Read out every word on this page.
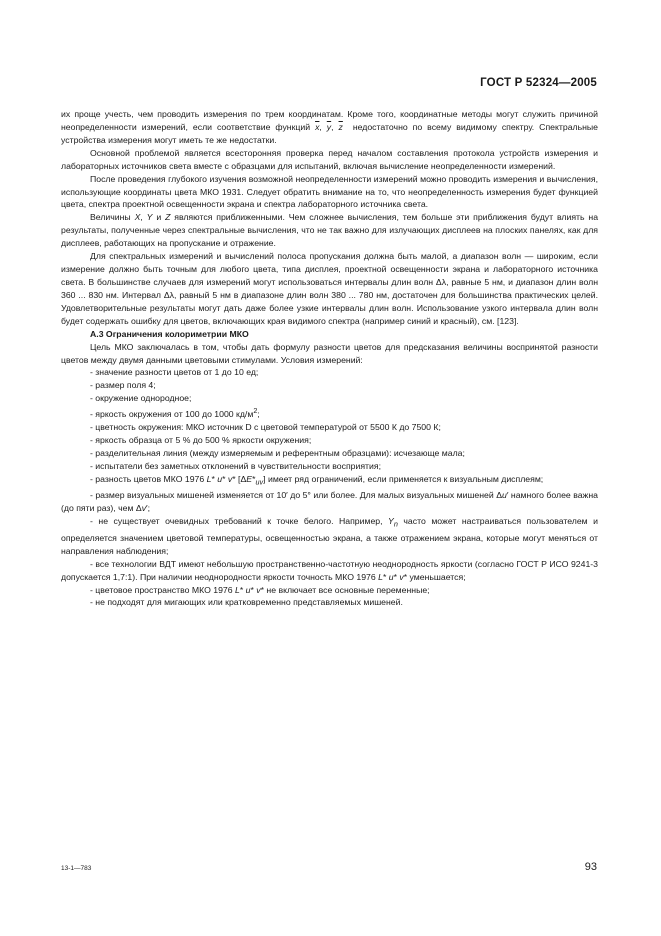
ГОСТ Р 52324—2005

их проще учесть, чем проводить измерения по трем координатам. Кроме того, координатные методы могут служить причиной неопределенности измерений, если соответствие функций $\overline{x}$, $\overline{y}$, $\overline{z}$  недостаточно по всему видимому спектру. Спектральные устройства измерения могут иметь те же недостатки.

Основной проблемой является всесторонняя проверка перед началом составления протокола устройств измерения и лабораторных источников света вместе с образцами для испытаний, включая вычисление неопределенности измерений.

После проведения глубокого изучения возможной неопределенности измерений можно проводить измерения и вычисления, использующие координаты цвета МКО 1931. Следует обратить внимание на то, что неопределенность измерения будет функцией цвета, спектра проектной освещенности экрана и спектра лабораторного источника света.

Величины X, Y и Z являются приближенными. Чем сложнее вычисления, тем больше эти приближения будут влиять на результаты, полученные через спектральные вычисления, что не так важно для излучающих дисплеев на плоских панелях, как для дисплеев, работающих на пропускание и отражение.

Для спектральных измерений и вычислений полоса пропускания должна быть малой, а диапазон волн — широким, если измерение должно быть точным для любого цвета, типа дисплея, проектной освещенности экрана и лабораторного источника света. В большинстве случаев для измерений могут использоваться интервалы длин волн Δλ, равные 5 нм, и диапазон длин волн 360 ... 830 нм. Интервал Δλ, равный 5 нм в диапазоне длин волн 380 ... 780 нм, достаточен для большинства практических целей. Удовлетворительные результаты могут дать даже более узкие интервалы длин волн. Использование узкого интервала длин волн будет содержать ошибку для цветов, включающих края видимого спектра (например синий и красный), см. [123].

А.3 Ограничения колориметрии МКО

Цель МКО заключалась в том, чтобы дать формулу разности цветов для предсказания величины воспринятой разности цветов между двумя данными цветовыми стимулами. Условия измерений:

- значение разности цветов от 1 до 10 ед;

- размер поля 4;

- окружение однородное;

- яркость окружения от 100 до 1000 $кд/м^2$;

- цветность окружения: МКО источник D с цветовой температурой от 5500 К до 7500 К;

- яркость образца от 5 % до 500 % яркости окружения;

- разделительная линия (между измеряемым и референтным образцами): исчезающе мала;

- испытатели без заметных отклонений в чувствительности восприятия;

- разность цветов МКО 1976 L* u* v* $[\Delta E*_{uv}]$ имеет ряд ограничений, если применяется к визуальным дисплеям;

- размер визуальных мишеней изменяется от 10′ до 5° или более. Для малых визуальных мишеней Δu′ намного более важна (до пяти раз), чем Δv′;

- не существует очевидных требований к точке белого. Например, $Y_n$ часто может настраиваться пользователем и определяется значением цветовой температуры, освещенностью экрана, а также отражением экрана, которые могут меняться от направления наблюдения;

- все технологии ВДТ имеют небольшую пространственно-частотную неоднородность яркости (согласно ГОСТ Р ИСО 9241-3 допускается 1,7:1). При наличии неоднородности яркости точность МКО 1976 L* u* v* уменьшается;

- цветовое пространство МКО 1976 L* u* v* не включает все основные переменные;

- не подходят для мигающих или кратковременно представляемых мишеней.

13-1—783	93
